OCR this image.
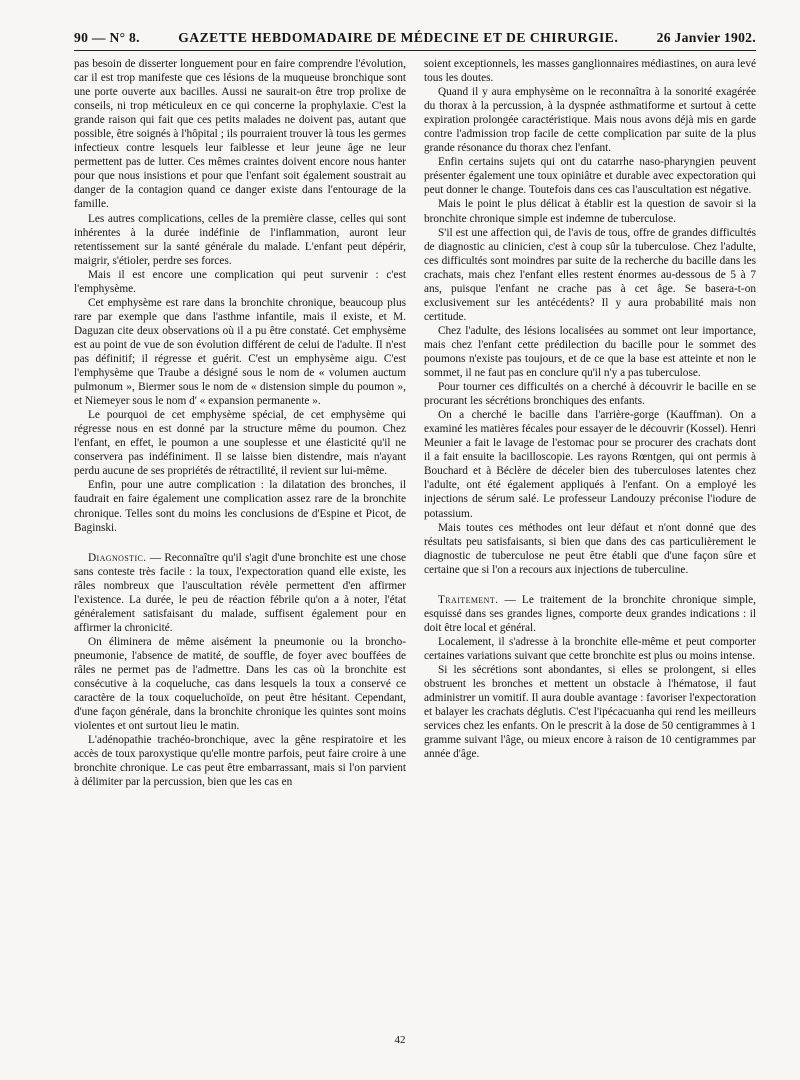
90 — N° 8.	GAZETTE HEBDOMADAIRE DE MÉDECINE ET DE CHIRURGIE.	26 Janvier 1902.

pas besoin de disserter longuement pour en faire comprendre l'évolution, car il est trop manifeste que ces lésions de la muqueuse bronchique sont une porte ouverte aux bacilles. Aussi ne saurait-on être trop prolixe de conseils, ni trop méticuleux en ce qui concerne la prophylaxie. C'est la grande raison qui fait que ces petits malades ne doivent pas, autant que possible, être soignés à l'hôpital ; ils pourraient trouver là tous les germes infectieux contre lesquels leur faiblesse et leur jeune âge ne leur permettent pas de lutter. Ces mêmes craintes doivent encore nous hanter pour que nous insistions et pour que l'enfant soit également soustrait au danger de la contagion quand ce danger existe dans l'entourage de la famille.

Les autres complications, celles de la première classe, celles qui sont inhérentes à la durée indéfinie de l'inflammation, auront leur retentissement sur la santé générale du malade. L'enfant peut dépérir, maigrir, s'étioler, perdre ses forces.

Mais il est encore une complication qui peut survenir : c'est l'emphysème.

Cet emphysème est rare dans la bronchite chronique, beaucoup plus rare par exemple que dans l'asthme infantile, mais il existe, et M. Daguzan cite deux observations où il a pu être constaté. Cet emphysème est au point de vue de son évolution différent de celui de l'adulte. Il n'est pas définitif; il régresse et guérit. C'est un emphysème aigu. C'est l'emphysème que Traube a désigné sous le nom de « volumen auctum pulmonum », Biermer sous le nom de « distension simple du poumon », et Niemeyer sous le nom d' « expansion permanente ».

Le pourquoi de cet emphysème spécial, de cet emphysème qui régresse nous en est donné par la structure même du poumon. Chez l'enfant, en effet, le poumon a une souplesse et une élasticité qu'il ne conservera pas indéfiniment. Il se laisse bien distendre, mais n'ayant perdu aucune de ses propriétés de rétractilité, il revient sur lui-même.

Enfin, pour une autre complication : la dilatation des bronches, il faudrait en faire également une complication assez rare de la bronchite chronique. Telles sont du moins les conclusions de d'Espine et Picot, de Baginski.

Diagnostic. — Reconnaître qu'il s'agit d'une bronchite est une chose sans conteste très facile : la toux, l'expectoration quand elle existe, les râles nombreux que l'auscultation révèle permettent d'en affirmer l'existence. La durée, le peu de réaction fébrile qu'on a à noter, l'état généralement satisfaisant du malade, suffisent également pour en affirmer la chronicité.

On éliminera de même aisément la pneumonie ou la broncho-pneumonie, l'absence de matité, de souffle, de foyer avec bouffées de râles ne permet pas de l'admettre. Dans les cas où la bronchite est consécutive à la coqueluche, cas dans lesquels la toux a conservé ce caractère de la toux coqueluchoïde, on peut être hésitant. Cependant, d'une façon générale, dans la bronchite chronique les quintes sont moins violentes et ont surtout lieu le matin.

L'adénopathie trachéo-bronchique, avec la gêne respiratoire et les accès de toux paroxystique qu'elle montre parfois, peut faire croire à une bronchite chronique. Le cas peut être embarrassant, mais si l'on parvient à délimiter par la percussion, bien que les cas en

soient exceptionnels, les masses ganglionnaires médiastines, on aura levé tous les doutes.

Quand il y aura emphysème on le reconnaîtra à la sonorité exagérée du thorax à la percussion, à la dyspnée asthmatiforme et surtout à cette expiration prolongée caractéristique. Mais nous avons déjà mis en garde contre l'admission trop facile de cette complication par suite de la plus grande résonance du thorax chez l'enfant.

Enfin certains sujets qui ont du catarrhe naso-pharyngien peuvent présenter également une toux opiniâtre et durable avec expectoration qui peut donner le change. Toutefois dans ces cas l'auscultation est négative.

Mais le point le plus délicat à établir est la question de savoir si la bronchite chronique simple est indemne de tuberculose.

S'il est une affection qui, de l'avis de tous, offre de grandes difficultés de diagnostic au clinicien, c'est à coup sûr la tuberculose. Chez l'adulte, ces difficultés sont moindres par suite de la recherche du bacille dans les crachats, mais chez l'enfant elles restent énormes au-dessous de 5 à 7 ans, puisque l'enfant ne crache pas à cet âge. Se basera-t-on exclusivement sur les antécédents? Il y aura probabilité mais non certitude.

Chez l'adulte, des lésions localisées au sommet ont leur importance, mais chez l'enfant cette prédilection du bacille pour le sommet des poumons n'existe pas toujours, et de ce que la base est atteinte et non le sommet, il ne faut pas en conclure qu'il n'y a pas tuberculose.

Pour tourner ces difficultés on a cherché à découvrir le bacille en se procurant les sécrétions bronchiques des enfants.

On a cherché le bacille dans l'arrière-gorge (Kauffman). On a examiné les matières fécales pour essayer de le découvrir (Kossel). Henri Meunier a fait le lavage de l'estomac pour se procurer des crachats dont il a fait ensuite la bacilloscopie. Les rayons Rœntgen, qui ont permis à Bouchard et à Béclère de déceler bien des tuberculoses latentes chez l'adulte, ont été également appliqués à l'enfant. On a employé les injections de sérum salé. Le professeur Landouzy préconise l'iodure de potassium.

Mais toutes ces méthodes ont leur défaut et n'ont donné que des résultats peu satisfaisants, si bien que dans des cas particulièrement le diagnostic de tuberculose ne peut être établi que d'une façon sûre et certaine que si l'on a recours aux injections de tuberculine.

Traitement. — Le traitement de la bronchite chronique simple, esquissé dans ses grandes lignes, comporte deux grandes indications : il doit être local et général.

Localement, il s'adresse à la bronchite elle-même et peut comporter certaines variations suivant que cette bronchite est plus ou moins intense.

Si les sécrétions sont abondantes, si elles se prolongent, si elles obstruent les bronches et mettent un obstacle à l'hématose, il faut administrer un vomitif. Il aura double avantage : favoriser l'expectoration et balayer les crachats déglutis. C'est l'ipécacuanha qui rend les meilleurs services chez les enfants. On le prescrit à la dose de 50 centigrammes à 1 gramme suivant l'âge, ou mieux encore à raison de 10 centigrammes par année d'âge.

42
